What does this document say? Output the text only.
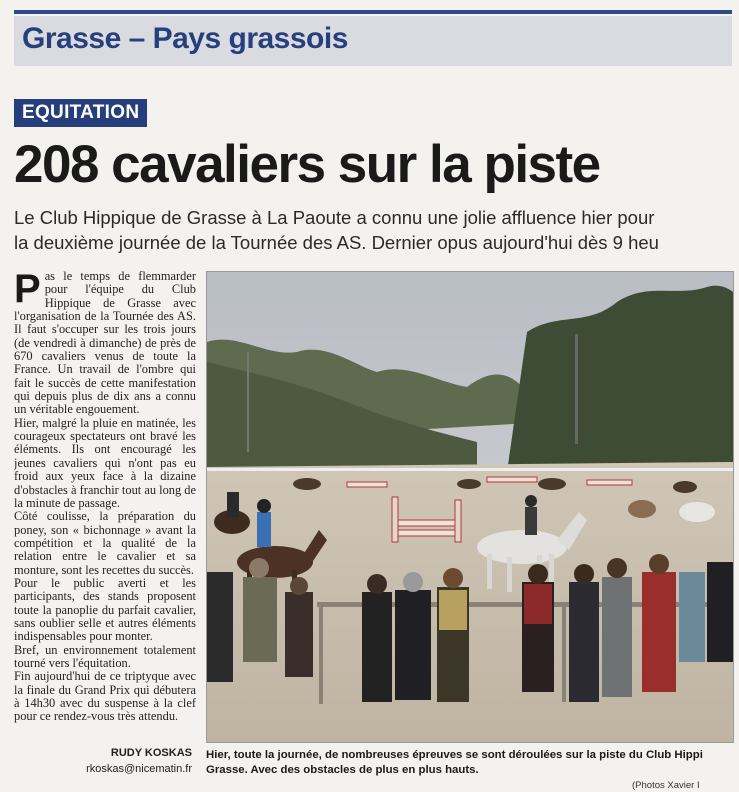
Grasse – Pays grassois
EQUITATION
208 cavaliers sur la piste
Le Club Hippique de Grasse à La Paoute a connu une jolie affluence hier pour
la deuxième journée de la Tournée des AS. Dernier opus aujourd'hui dès 9 heu

Pas le temps de flemmarder pour l'équipe du Club Hippique de Grasse avec l'organisation de la Tournée des AS. Il faut s'occuper sur les trois jours (de vendredi à dimanche) de près de 670 cavaliers venus de toute la France. Un travail de l'ombre qui fait le succès de cette manifestation qui depuis plus de dix ans a connu un véritable engouement.

Hier, malgré la pluie en matinée, les courageux spectateurs ont bravé les éléments. Ils ont encouragé les jeunes cavaliers qui n'ont pas eu froid aux yeux face à la dizaine d'obstacles à franchir tout au long de la minute de passage.

Côté coulisse, la préparation du poney, son « bichonnage » avant la compétition et la qualité de la relation entre le cavalier et sa monture, sont les recettes du succès.

Pour le public averti et les participants, des stands proposent toute la panoplie du parfait cavalier, sans oublier selle et autres éléments indispensables pour monter.

Bref, un environnement totalement tourné vers l'équitation.

Fin aujourd'hui de ce triptyque avec la finale du Grand Prix qui débutera à 14h30 avec du suspense à la clef pour ce rendez-vous très attendu.

RUDY KOSKAS
rkoskas@nicematin.fr
Hier, toute la journée, de nombreuses épreuves se sont déroulées sur la piste du Club Hippi
Grasse. Avec des obstacles de plus en plus hauts.
(Photos Xavier I
